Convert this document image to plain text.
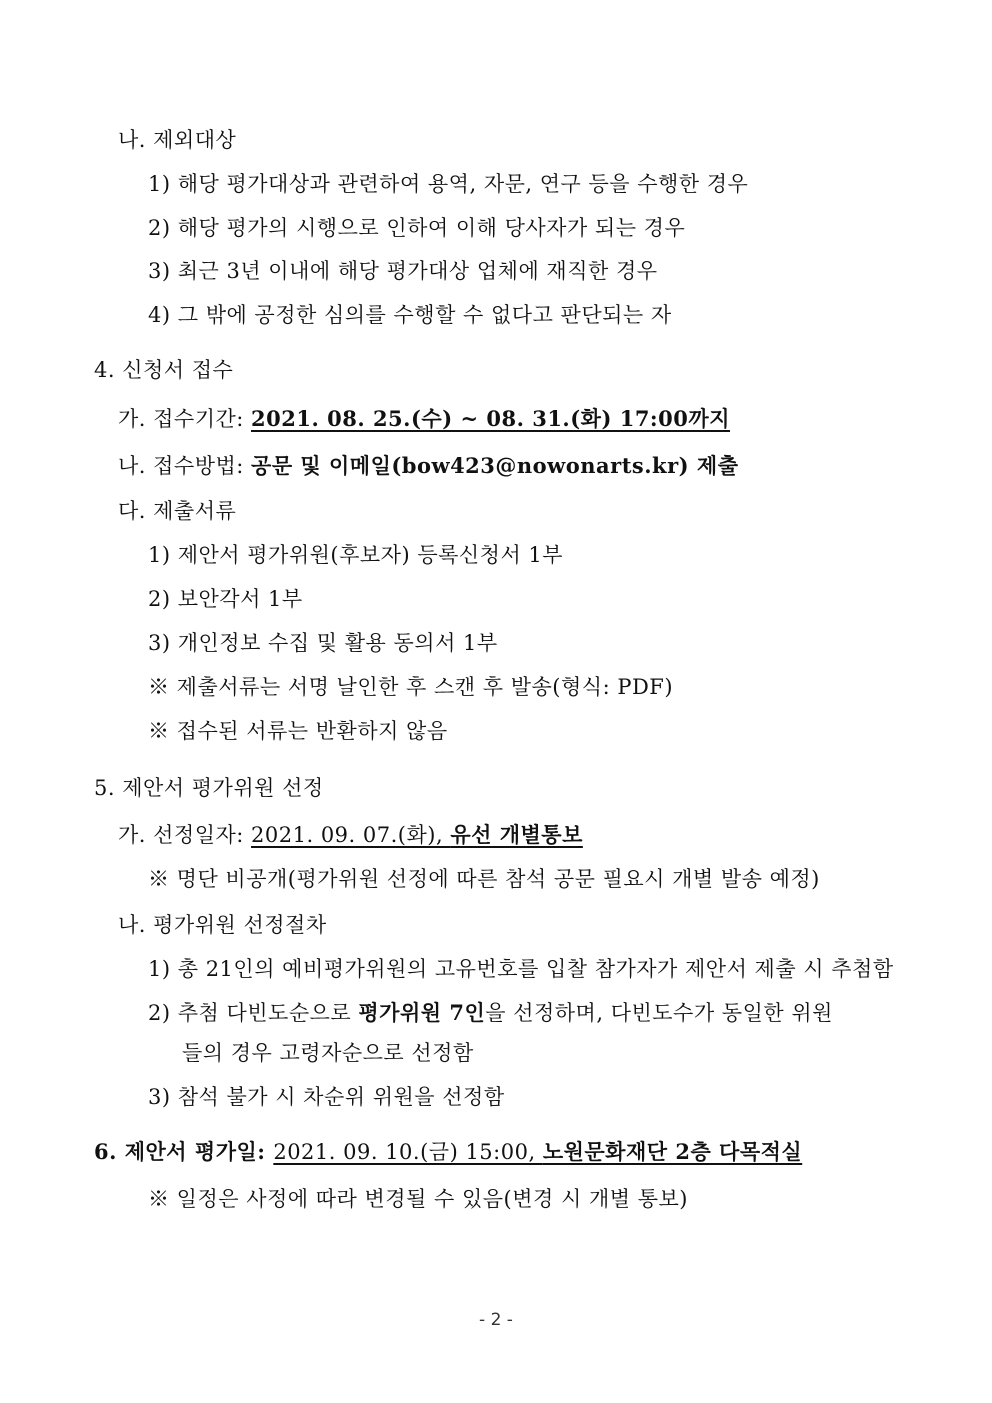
나. 제외대상
1) 해당 평가대상과 관련하여 용역, 자문, 연구 등을 수행한 경우
2) 해당 평가의 시행으로 인하여 이해 당사자가 되는 경우
3) 최근 3년 이내에 해당 평가대상 업체에 재직한 경우
4) 그 밖에 공정한 심의를 수행할 수 없다고 판단되는 자
4. 신청서 접수
가. 접수기간: 2021. 08. 25.(수) ~ 08. 31.(화) 17:00까지
나. 접수방법: 공문 및 이메일(bow423@nowonarts.kr) 제출
다. 제출서류
1) 제안서 평가위원(후보자) 등록신청서 1부
2) 보안각서 1부
3) 개인정보 수집 및 활용 동의서 1부
※ 제출서류는 서명 날인한 후 스캔 후 발송(형식: PDF)
※ 접수된 서류는 반환하지 않음
5. 제안서 평가위원 선정
가. 선정일자: 2021. 09. 07.(화), 유선 개별통보
※ 명단 비공개(평가위원 선정에 따른 참석 공문 필요시 개별 발송 예정)
나. 평가위원 선정절차
1) 총 21인의 예비평가위원의 고유번호를 입찰 참가자가 제안서 제출 시 추첨함
2) 추첨 다빈도순으로 평가위원 7인을 선정하며, 다빈도수가 동일한 위원
들의 경우 고령자순으로 선정함
3) 참석 불가 시 차순위 위원을 선정함
6. 제안서 평가일: 2021. 09. 10.(금) 15:00, 노원문화재단 2층 다목적실
※ 일정은 사정에 따라 변경될 수 있음(변경 시 개별 통보)
- 2 -
